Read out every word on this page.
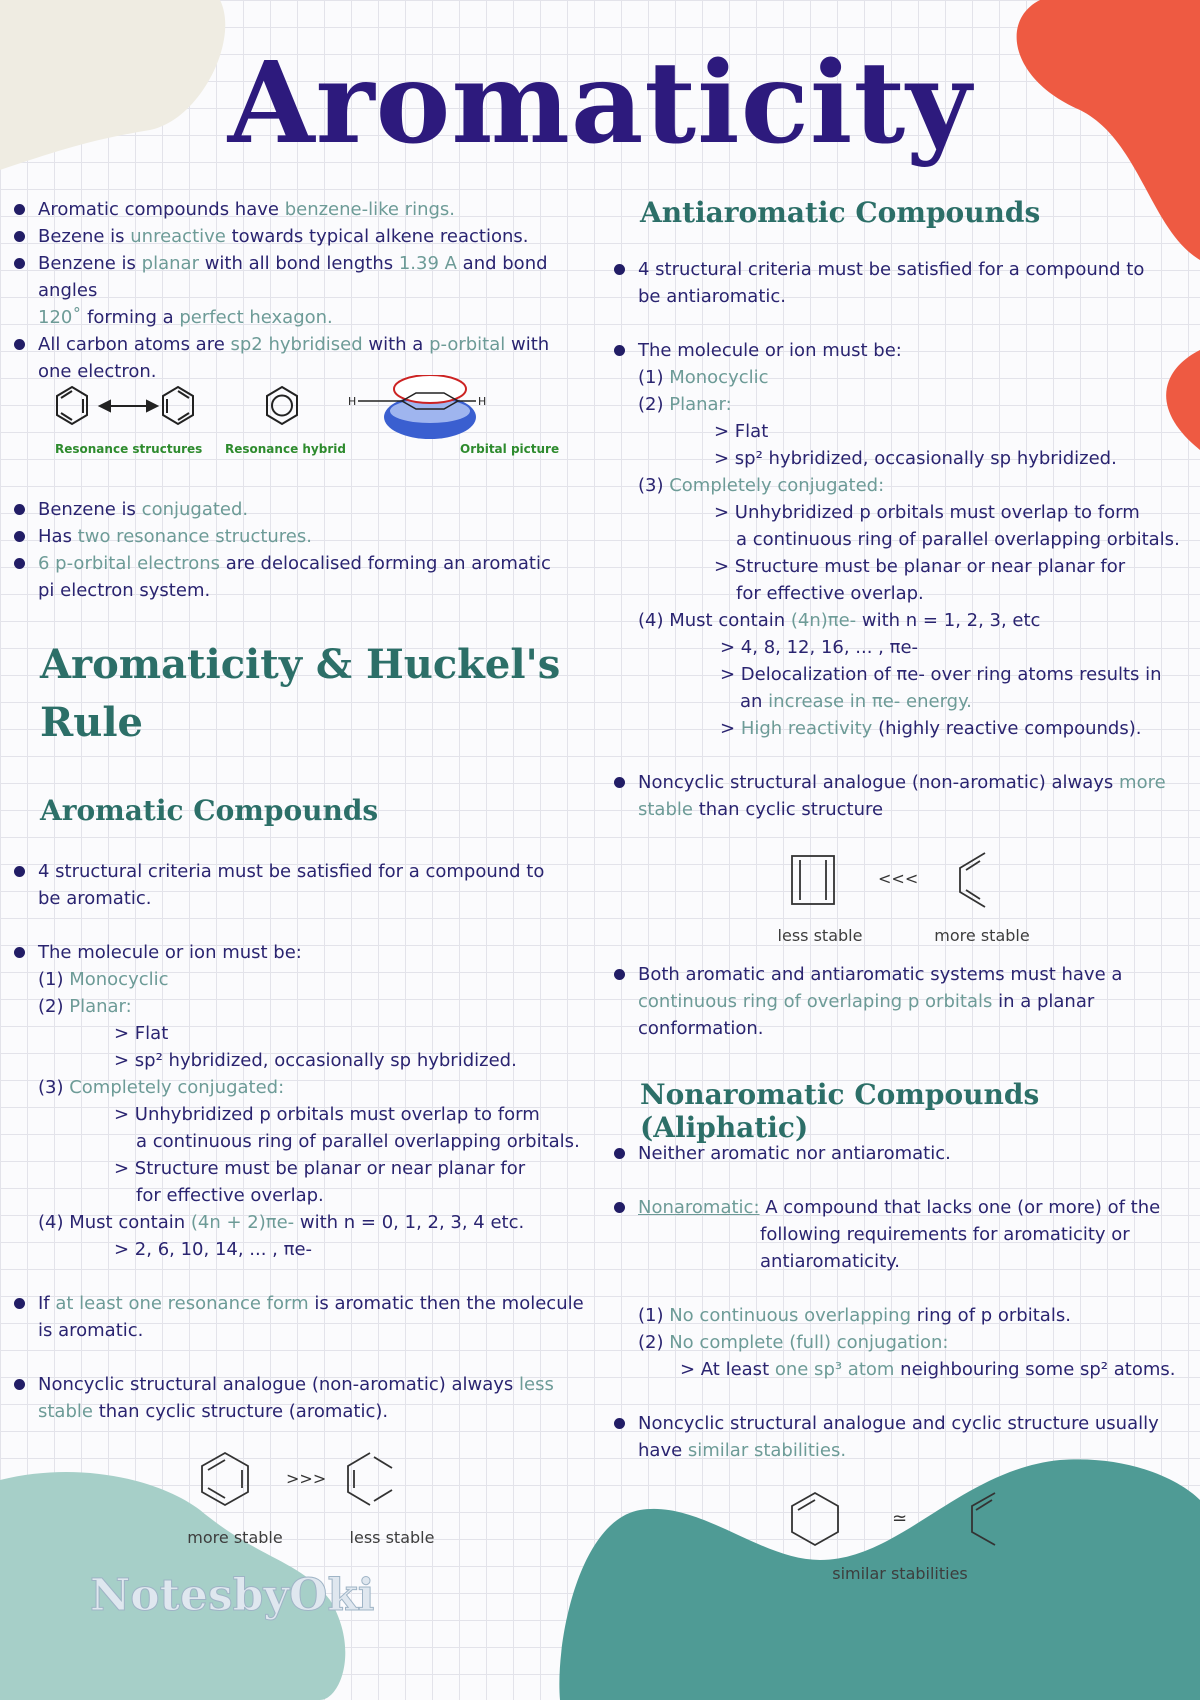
Aromaticity

Aromatic compounds have benzene-like rings.

Bezene is unreactive towards typical alkene reactions.

Benzene is planar with all bond lengths 1.39 A and bond angles

120˚ forming a perfect hexagon.

All carbon atoms are sp2 hybridised with a p-orbital with

one electron.

H	H
Resonance structures Resonance hybrid	Orbital picture

Benzene is conjugated.

Has two resonance structures.

6 p-orbital electrons are delocalised forming an aromatic

pi electron system.

Aromaticity & Huckel's
Rule
Aromatic Compounds

4 structural criteria must be satisfied for a compound to

be aromatic.

The molecule or ion must be:

(1) Monocyclic

(2) Planar:

> Flat

> sp² hybridized, occasionally sp hybridized.

(3) Completely conjugated:

> Unhybridized p orbitals must overlap to form

a continuous ring of parallel overlapping orbitals.

> Structure must be planar or near planar for

for effective overlap.

(4) Must contain (4n + 2)πe- with n = 0, 1, 2, 3, 4 etc.

> 2, 6, 10, 14, ... , πe-

If at least one resonance form is aromatic then the molecule

is aromatic.

Noncyclic structural analogue (non-aromatic) always less

stable than cyclic structure (aromatic).

>>>
more stable	less stable
NotesbyOki
Antiaromatic Compounds

4 structural criteria must be satisfied for a compound to

be antiaromatic.

The molecule or ion must be:

(1) Monocyclic

(2) Planar:

> Flat

> sp² hybridized, occasionally sp hybridized.

(3) Completely conjugated:

> Unhybridized p orbitals must overlap to form

a continuous ring of parallel overlapping orbitals.

> Structure must be planar or near planar for

for effective overlap.

(4) Must contain (4n)πe- with n = 1, 2, 3, etc

> 4, 8, 12, 16, ... , πe-

> Delocalization of πe- over ring atoms results in

an increase in πe- energy.

> High reactivity (highly reactive compounds).

Noncyclic structural analogue (non-aromatic) always more

stable than cyclic structure

<<<
less stable	more stable

Both aromatic and antiaromatic systems must have a

continuous ring of overlaping p orbitals in a planar

conformation.

Nonaromatic Compounds (Aliphatic)

Neither aromatic nor antiaromatic.

Nonaromatic: A compound that lacks one (or more) of the

following requirements for aromaticity or

antiaromaticity.

(1) No continuous overlapping ring of p orbitals.

(2) No complete (full) conjugation:

> At least one sp³ atom neighbouring some sp² atoms.

Noncyclic structural analogue and cyclic structure usually

have similar stabilities.

≃
similar stabilities
